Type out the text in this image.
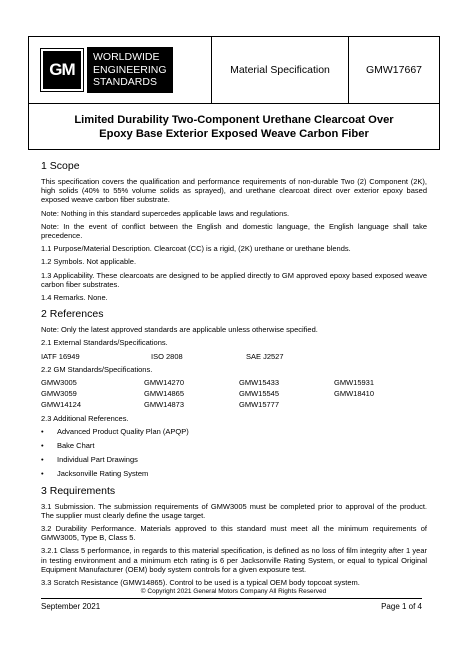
GM
WORLDWIDE
ENGINEERING
STANDARDS
Material Specification	GMW17667
Limited Durability Two-Component Urethane Clearcoat Over
Epoxy Base Exterior Exposed Weave Carbon Fiber
1 Scope

This specification covers the qualification and performance requirements of non-durable Two (2) Component (2K), high solids (40% to 55% volume solids as sprayed), and urethane clearcoat direct over exterior epoxy based exposed weave carbon fiber substrate.

Note: Nothing in this standard supercedes applicable laws and regulations.

Note: In the event of conflict between the English and domestic language, the English language shall take precedence.

1.1 Purpose/Material Description. Clearcoat (CC) is a rigid, (2K) urethane or urethane blends.

1.2 Symbols. Not applicable.

1.3 Applicability. These clearcoats are designed to be applied directly to GM approved epoxy based exposed weave carbon fiber substrates.

1.4 Remarks. None.

2 References

Note: Only the latest approved standards are applicable unless otherwise specified.

2.1 External Standards/Specifications.

IATF 16949	ISO 2808	SAE J2527

2.2 GM Standards/Specifications.

GMW3005	GMW14270	GMW15433	GMW15931
GMW3059	GMW14865	GMW15545	GMW18410
GMW14124	GMW14873	GMW15777

2.3 Additional References.

• Advanced Product Quality Plan (APQP)
• Bake Chart
• Individual Part Drawings
• Jacksonville Rating System
3 Requirements

3.1 Submission. The submission requirements of GMW3005 must be completed prior to approval of the product. The supplier must clearly define the usage target.

3.2 Durability Performance. Materials approved to this standard must meet all the minimum requirements of GMW3005, Type B, Class 5.

3.2.1 Class 5 performance, in regards to this material specification, is defined as no loss of film integrity after 1 year in testing environment and a minimum etch rating is 6 per Jacksonville Rating System, or equal to typical Original Equipment Manufacturer (OEM) body system controls for a given exposure test.

3.3 Scratch Resistance (GMW14865). Control to be used is a typical OEM body topcoat system.

© Copyright 2021 General Motors Company All Rights Reserved
September 2021	Page 1 of 4
